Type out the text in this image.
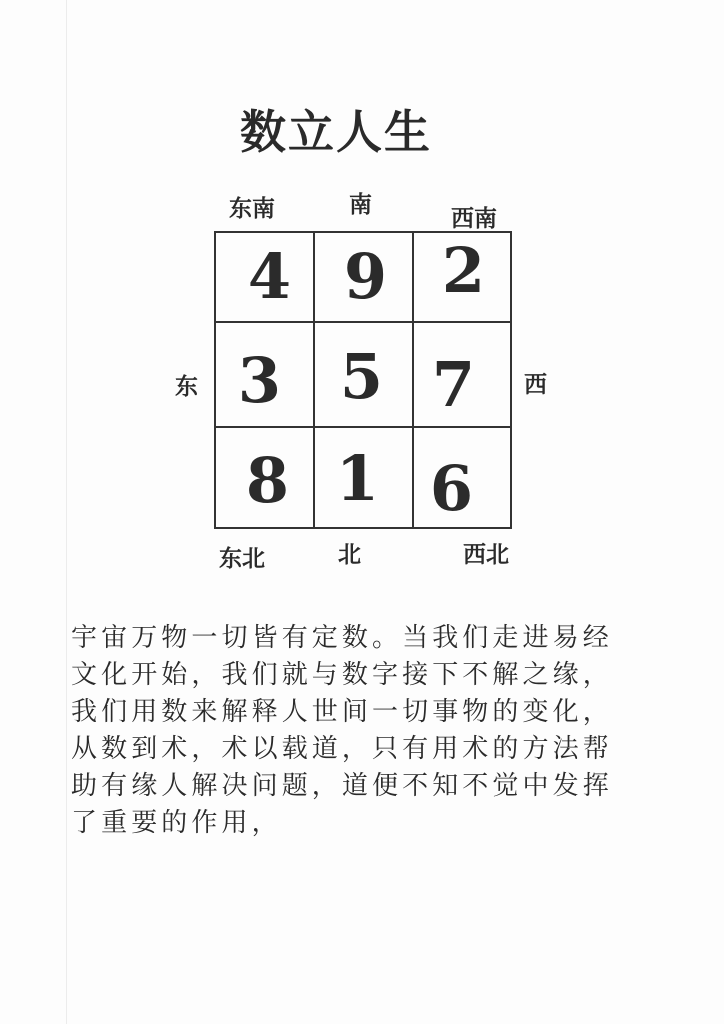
数立人生
东南	南
西南
东	西
东北	北	西北
4 9 2
3 5 7
8 1 6
宇宙万物一切皆有定数。当我们走进易经文化开始，我们就与数字接下不解之缘，我们用数来解释人世间一切事物的变化，从数到术，术以载道，只有用术的方法帮助有缘人解决问题，道便不知不觉中发挥了重要的作用，
